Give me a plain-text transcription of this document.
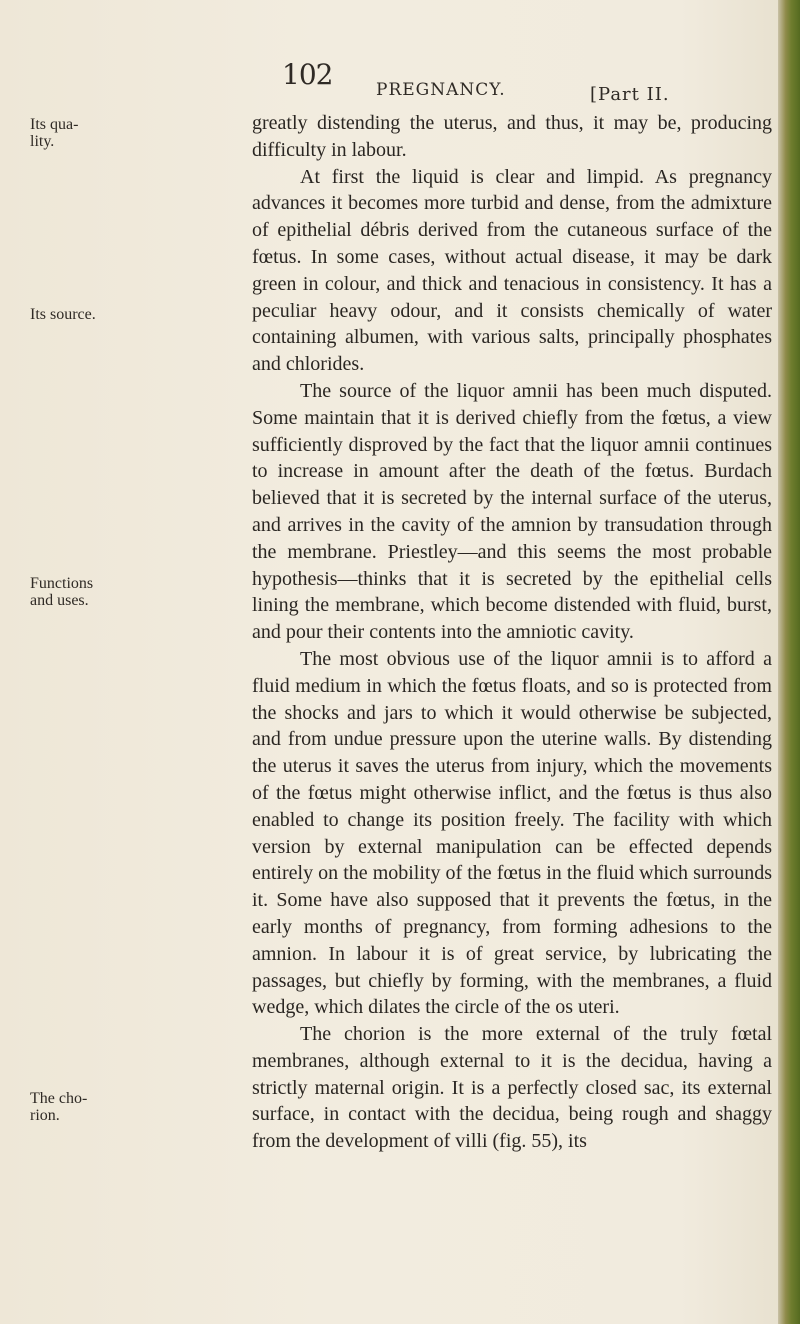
102	PREGNANCY.	[Part II.
Its qua- lity.
Its source.
Functions and uses.
The cho- rion.

greatly distending the uterus, and thus, it may be, producing difficulty in labour.

At first the liquid is clear and limpid. As pregnancy advances it becomes more turbid and dense, from the admixture of epithelial débris derived from the cutaneous surface of the fœtus. In some cases, without actual disease, it may be dark green in colour, and thick and tenacious in consistency. It has a peculiar heavy odour, and it consists chemically of water containing albumen, with various salts, principally phosphates and chlorides.

The source of the liquor amnii has been much disputed. Some maintain that it is derived chiefly from the fœtus, a view sufficiently disproved by the fact that the liquor amnii continues to increase in amount after the death of the fœtus. Burdach believed that it is secreted by the internal surface of the uterus, and arrives in the cavity of the amnion by transudation through the membrane. Priestley—and this seems the most probable hypothesis—thinks that it is secreted by the epithelial cells lining the membrane, which become distended with fluid, burst, and pour their contents into the amniotic cavity.

The most obvious use of the liquor amnii is to afford a fluid medium in which the fœtus floats, and so is protected from the shocks and jars to which it would otherwise be subjected, and from undue pressure upon the uterine walls. By distending the uterus it saves the uterus from injury, which the movements of the fœtus might otherwise inflict, and the fœtus is thus also enabled to change its position freely. The facility with which version by external manipulation can be effected depends entirely on the mobility of the fœtus in the fluid which surrounds it. Some have also supposed that it prevents the fœtus, in the early months of pregnancy, from forming adhesions to the amnion. In labour it is of great service, by lubricating the passages, but chiefly by forming, with the membranes, a fluid wedge, which dilates the circle of the os uteri.

The chorion is the more external of the truly fœtal membranes, although external to it is the decidua, having a strictly maternal origin. It is a perfectly closed sac, its external surface, in contact with the decidua, being rough and shaggy from the development of villi (fig. 55), its
